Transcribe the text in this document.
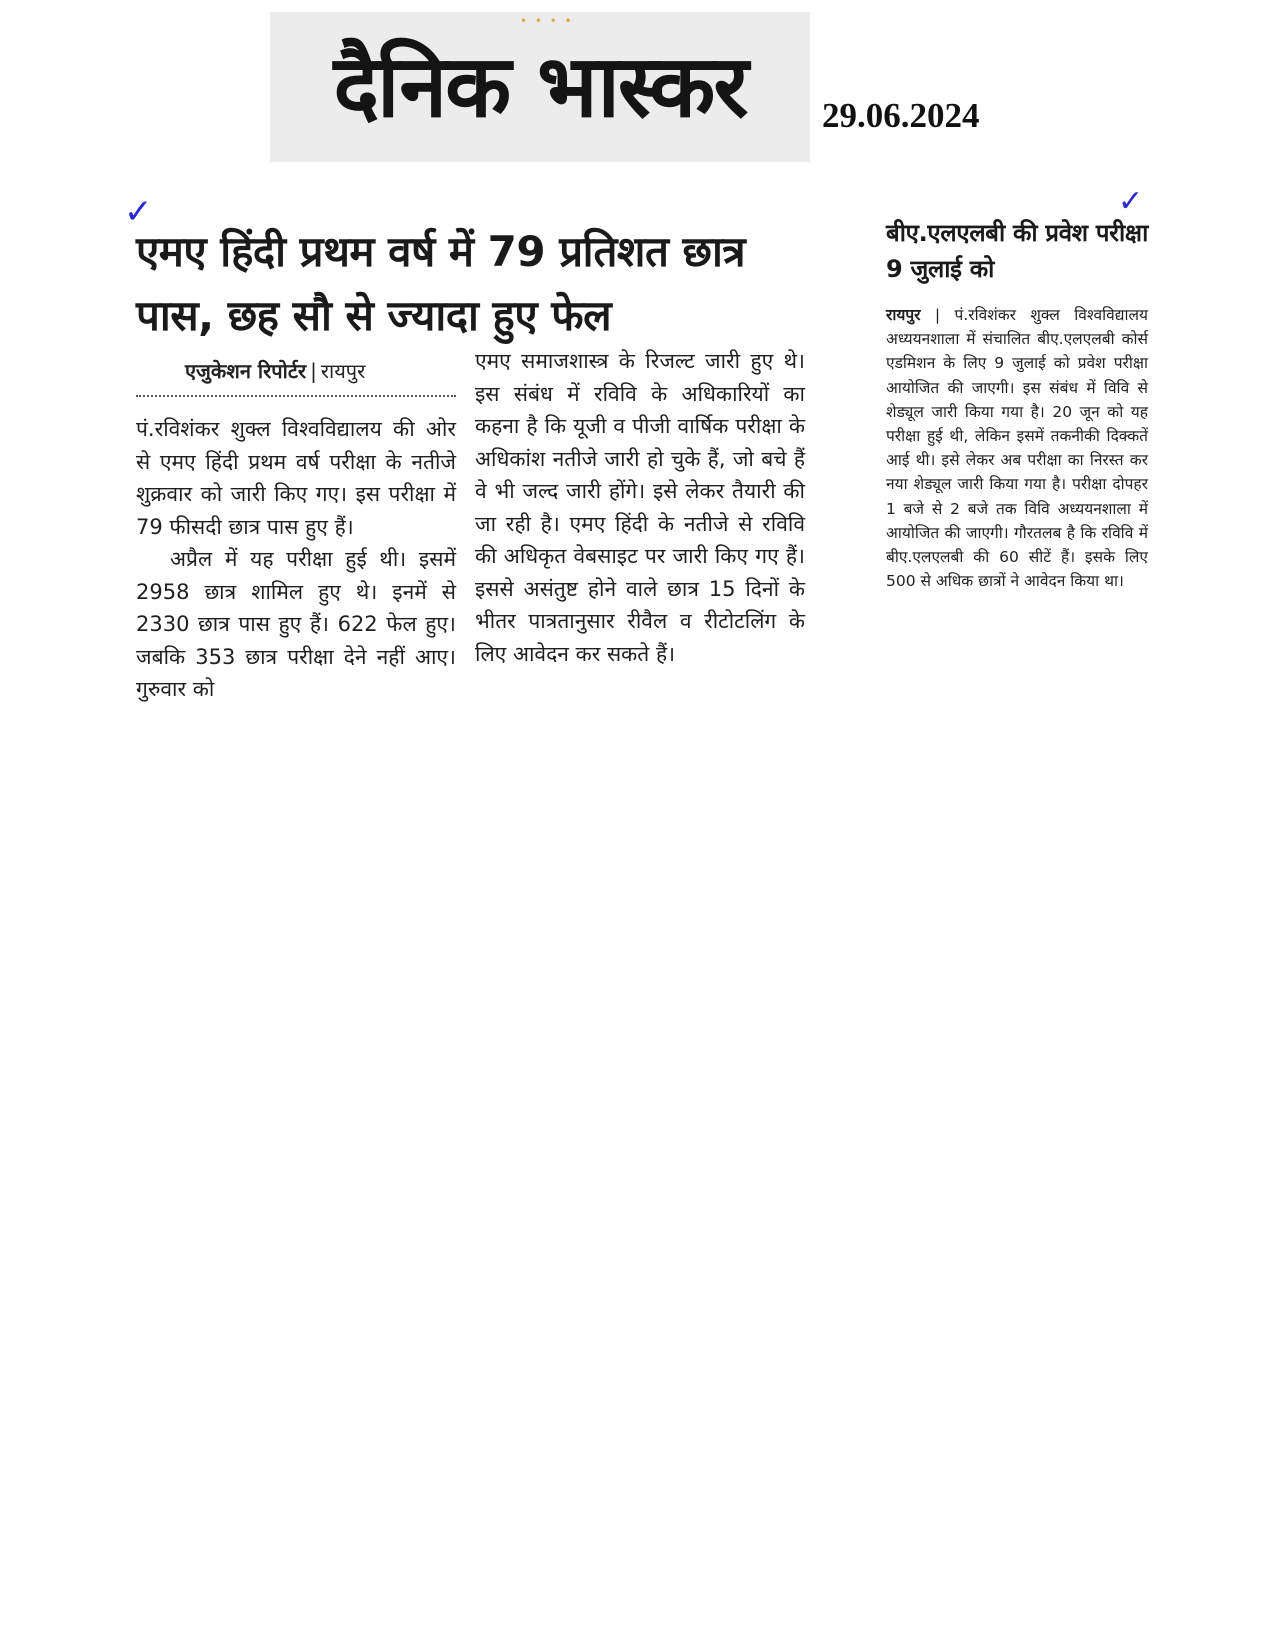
• • • •
दैनिक भास्कर 29.06.2024
✓
एमए हिंदी प्रथम वर्ष में 79 प्रतिशत छात्र पास, छह सौ से ज्यादा हुए फेल
एजुकेशन रिपोर्टर | रायपुर

पं.रविशंकर शुक्ल विश्वविद्यालय की ओर से एमए हिंदी प्रथम वर्ष परीक्षा के नतीजे शुक्रवार को जारी किए गए। इस परीक्षा में 79 फीसदी छात्र पास हुए हैं।

अप्रैल में यह परीक्षा हुई थी। इसमें 2958 छात्र शामिल हुए थे। इनमें से 2330 छात्र पास हुए हैं। 622 फेल हुए। जबकि 353 छात्र परीक्षा देने नहीं आए। गुरुवार को

एमए समाजशास्त्र के रिजल्ट जारी हुए थे। इस संबंध में रविवि के अधिकारियों का कहना है कि यूजी व पीजी वार्षिक परीक्षा के अधिकांश नतीजे जारी हो चुके हैं, जो बचे हैं वे भी जल्द जारी होंगे। इसे लेकर तैयारी की जा रही है। एमए हिंदी के नतीजे से रविवि की अधिकृत वेबसाइट पर जारी किए गए हैं। इससे असंतुष्ट होने वाले छात्र 15 दिनों के भीतर पात्रतानुसार रीवैल व रीटोटलिंग के लिए आवेदन कर सकते हैं।

✓
बीए.एलएलबी की प्रवेश परीक्षा 9 जुलाई को

रायपुर | पं.रविशंकर शुक्ल विश्वविद्यालय अध्ययनशाला में संचालित बीए.एलएलबी कोर्स एडमिशन के लिए 9 जुलाई को प्रवेश परीक्षा आयोजित की जाएगी। इस संबंध में विवि से शेड्यूल जारी किया गया है। 20 जून को यह परीक्षा हुई थी, लेकिन इसमें तकनीकी दिक्कतें आई थी। इसे लेकर अब परीक्षा का निरस्त कर नया शेड्यूल जारी किया गया है। परीक्षा दोपहर 1 बजे से 2 बजे तक विवि अध्ययनशाला में आयोजित की जाएगी। गौरतलब है कि रविवि में बीए.एलएलबी की 60 सीटें हैं। इसके लिए 500 से अधिक छात्रों ने आवेदन किया था।
